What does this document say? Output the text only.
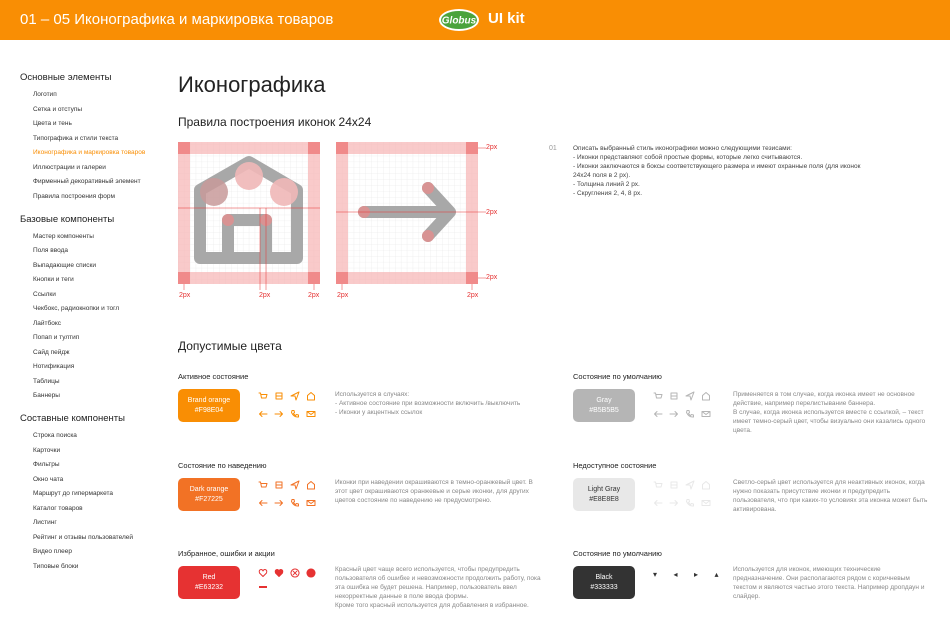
01 – 05 Иконографика и маркировка товаров	Globus UI kit
Основные элементы
Логотип
Сетка и отступы
Цвета и тень
Типографика и стили текста
Иконографика и маркировка товаров
Иллюстрации и галереи
Фирменный декоративный элемент
Правила построения форм
Базовые компоненты
Мастер компоненты
Поля ввода
Выпадающие списки
Кнопки и теги
Ссылки
Чекбокс, радиокнопки и тогл
Лайтбокс
Попап и тултип
Сайд пейдж
Нотификация
Таблицы
Баннеры
Составные компоненты
Строка поиска
Карточки
Фильтры
Окно чата
Маршрут до гипермаркета
Каталог товаров
Листинг
Рейтинг и отзывы пользователей
Видео плеер
Типовые блоки
Иконографика
Правила построения иконок 24x24
2px	2px	2px	2px	2px
2px
2px
2px
01 Описать выбранный стиль иконографики можно следующими тезисами:
- Иконки представляют собой простые формы, которые легко считываются.
- Иконки заключаются в боксы соответствующего размера и имеют охранные поля (для иконок 24х24 поля в 2 px).
- Толщина линий 2 px.
- Скругления 2, 4, 8 px.
Допустимые цвета
Активное состояние
Brand orange
#F98E04
Используется в случаях:
- Активное состояние при возможности включить /выключить
- Иконки у акцентных ссылок
Состояние по наведению
Dark orange
#F27225
Иконки при наведении окрашиваются в темно-оранжевый цвет. В этот цвет окрашиваются оранжевые и серые иконки, для других цветов состояние по наведению не предусмотрено.
Избранное, ошибки и акции
Red
#E63232
Красный цвет чаще всего используется, чтобы предупредить пользователя об ошибке и невозможности продолжить работу, пока эта ошибка не будет решена. Например, пользователь ввел некорректные данные в поле ввода формы.
Кроме того красный используется для добавления в избранное.
Состояние по умолчанию
Gray
#B5B5B5
Применяется в том случае, когда иконка имеет не основное действие, например перелистывание баннера.
В случае, когда иконка используется вместе с ссылкой, – текст имеет темно-серый цвет, чтобы визуально они казались одного цвета.
Недоступное состояние
Light Gray
#E8E8E8
Светло-серый цвет используется для неактивных иконок, когда нужно показать присутствие иконки и предупредить пользователя, что при каких-то условиях эта иконка может быть активирована.
Состояние по умолчанию
Black
#333333
▾	◂	▸	▴
Используется для иконок, имеющих технические предназначение. Они располагаются рядом с коричневым текстом и являются частью этого текста. Например дропдаун и слайдер.
